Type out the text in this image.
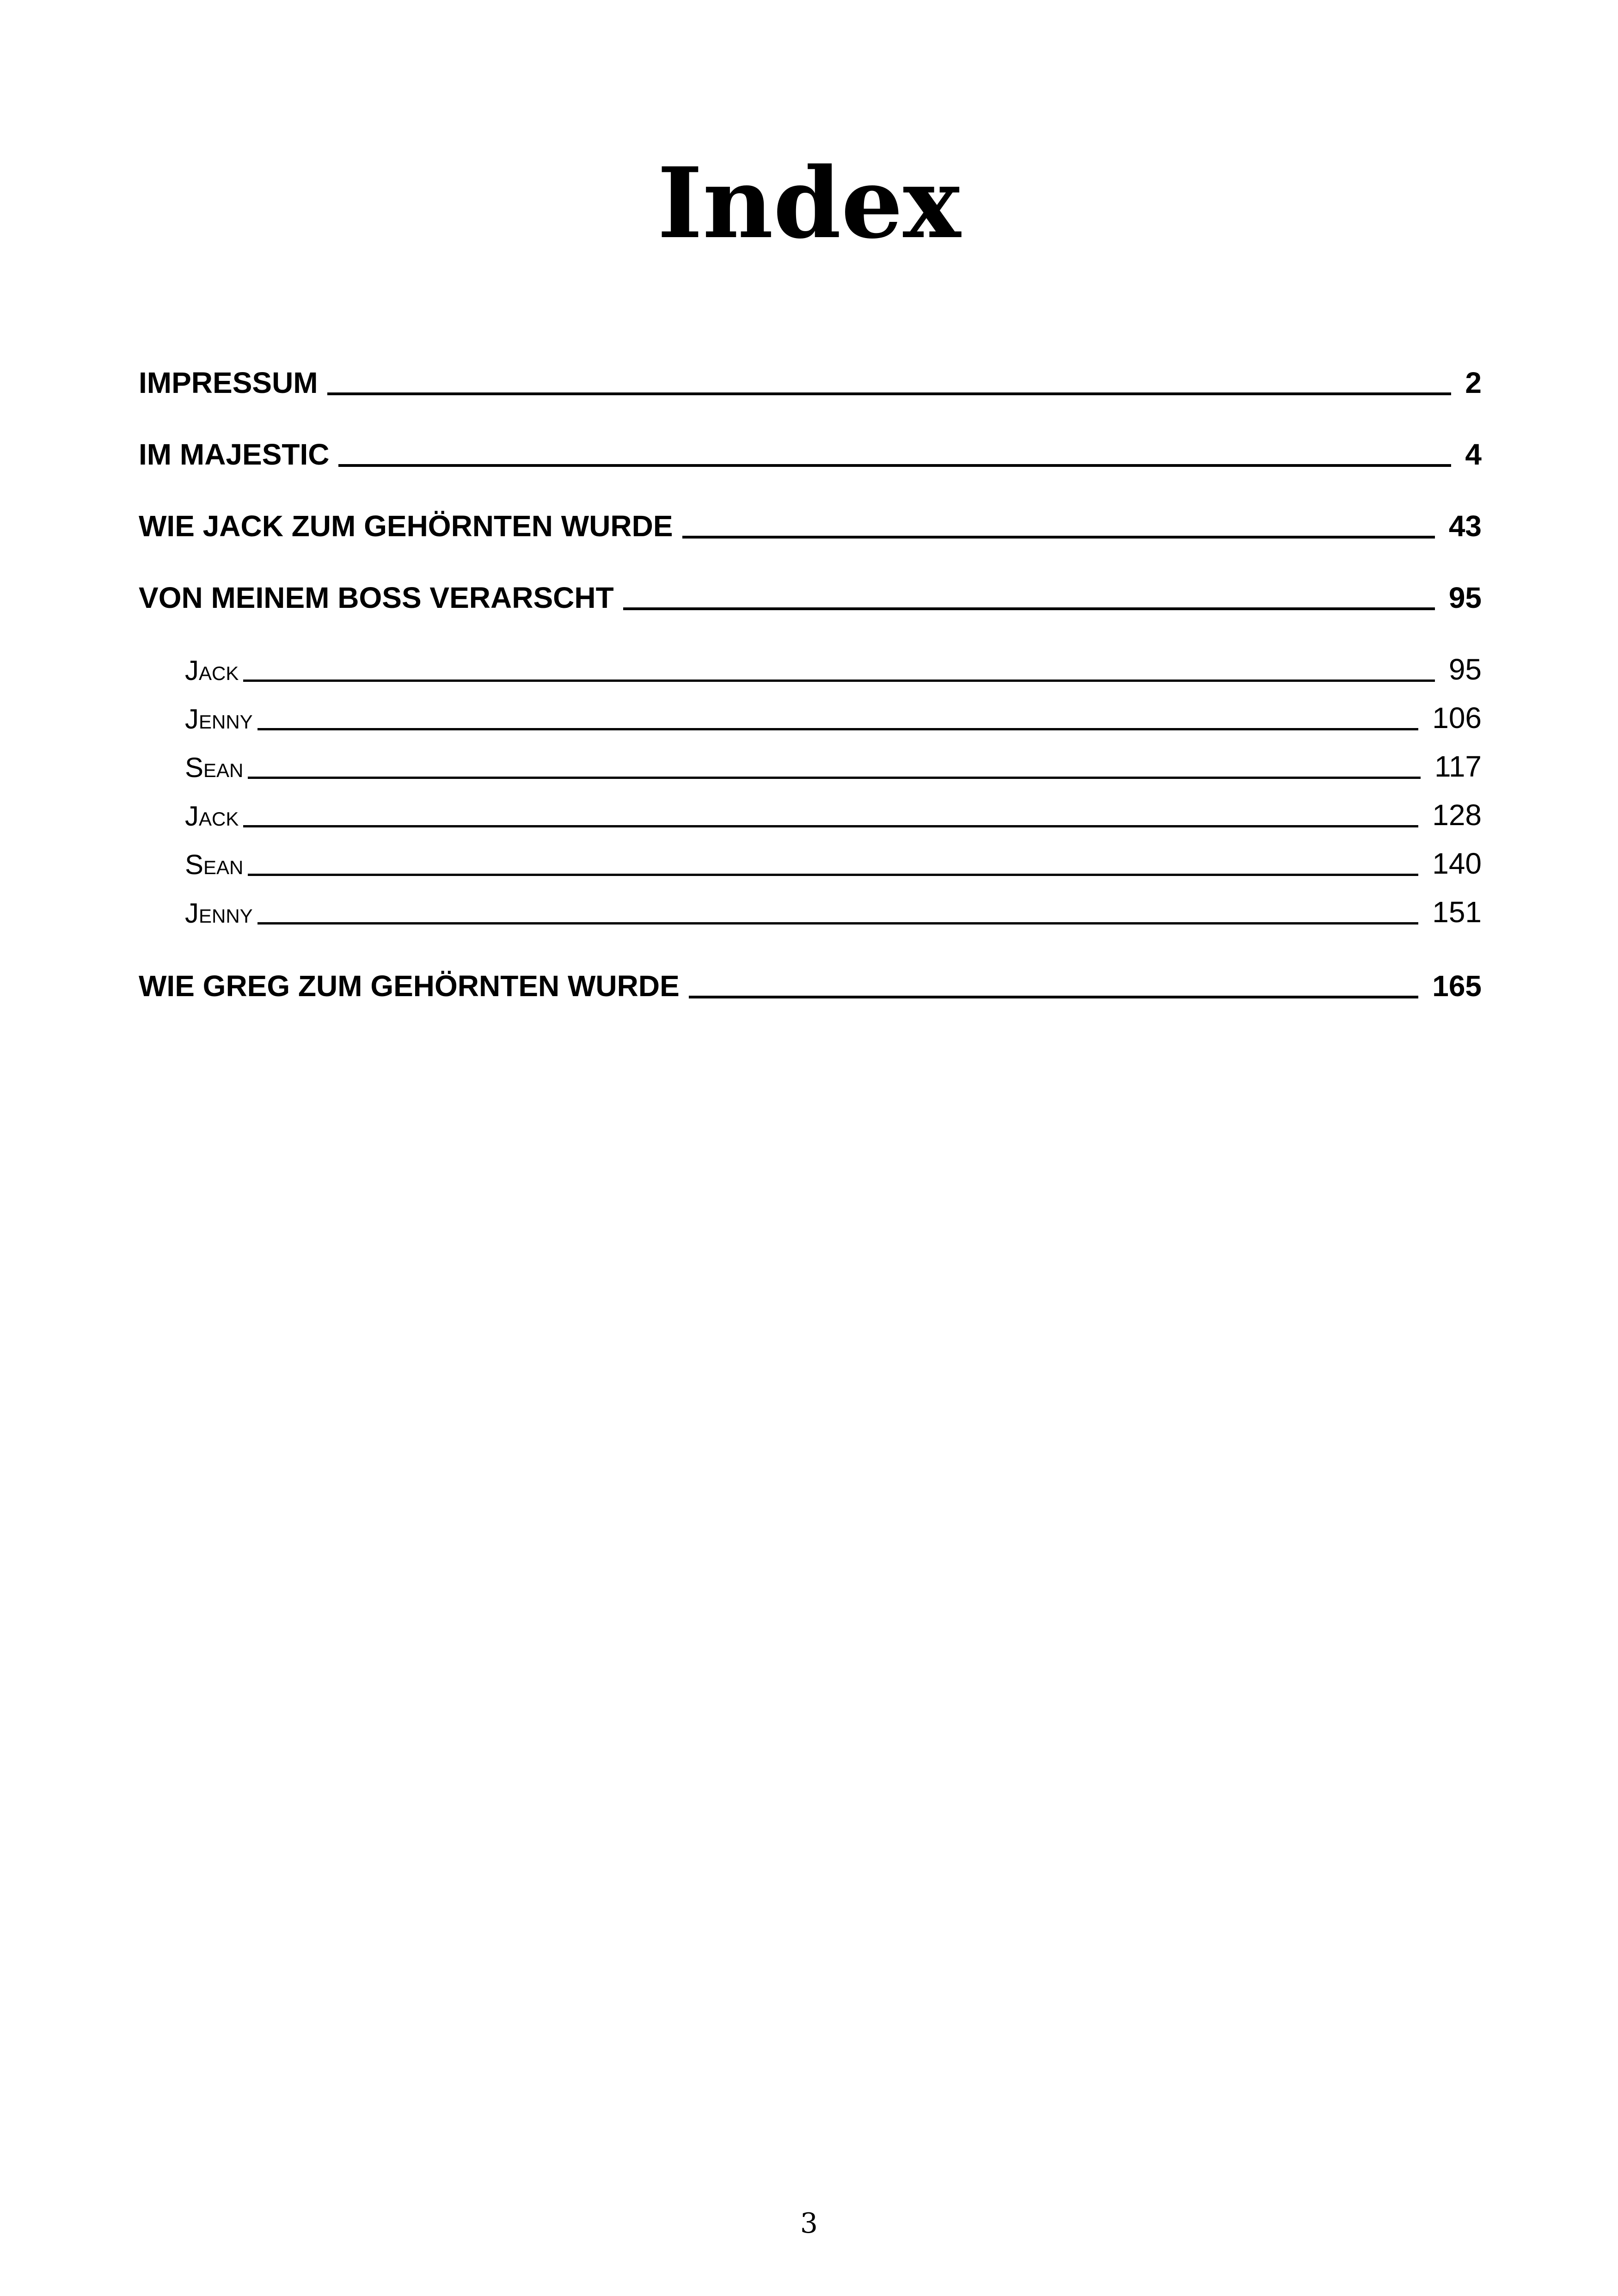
Index
IMPRESSUM	2
IM MAJESTIC	4
WIE JACK ZUM GEHÖRNTEN WURDE	43
VON MEINEM BOSS VERARSCHT	95
Jack	95
Jenny	106
Sean	117
Jack	128
Sean	140
Jenny	151
WIE GREG ZUM GEHÖRNTEN WURDE	165
3
